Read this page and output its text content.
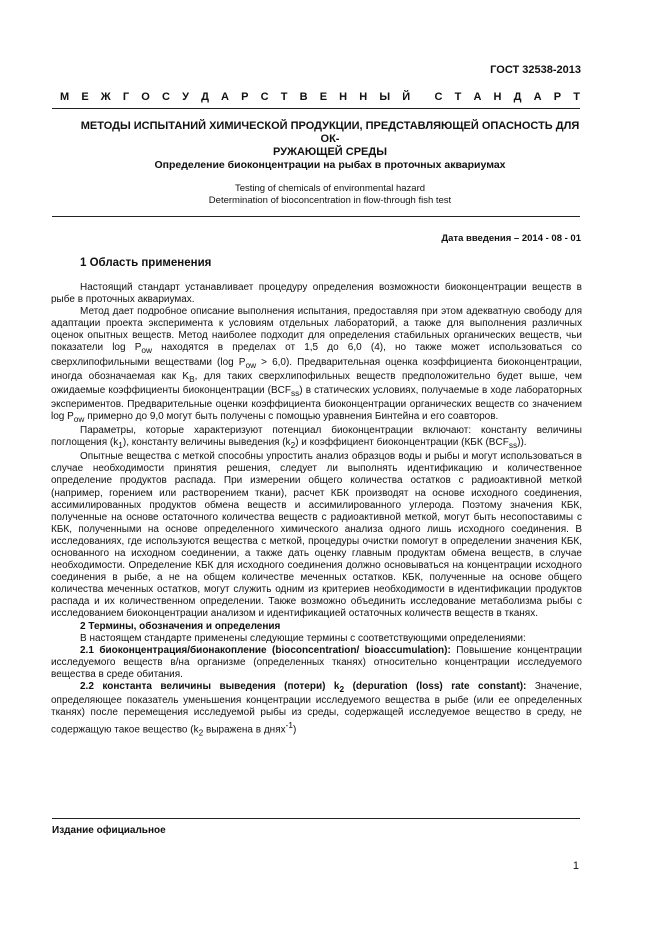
ГОСТ 32538-2013
М Е Ж Г О С У Д А Р С Т В Е Н Н Ы Й С Т А Н Д А Р Т
МЕТОДЫ ИСПЫТАНИЙ ХИМИЧЕСКОЙ ПРОДУКЦИИ, ПРЕДСТАВЛЯЮЩЕЙ ОПАСНОСТЬ ДЛЯ ОК-
РУЖАЮЩЕЙ СРЕДЫ
Определение биоконцентрации на рыбах в проточных аквариумах
Testing of chemicals of environmental hazard
Determination of bioconcentration in flow-through fish test
Дата введения – 2014 - 08 - 01
1 Область применения

Настоящий стандарт устанавливает процедуру определения возможности биоконцентрации веществ в рыбе в проточных аквариумах.

Метод дает подробное описание выполнения испытания, предоставляя при этом адекватную свободу для адаптации проекта эксперимента к условиям отдельных лабораторий, а также для выполнения различных оценок опытных веществ. Метод наиболее подходит для определения стабильных органических веществ, чьи показатели $\log P_{ow}$ находятся в пределах от 1,5 до 6,0 (4), но также может использоваться со сверхлипофильными веществами (log $P_{ow} > 6,0$). Предварительная оценка коэффициента биоконцентрации, иногда обозначаемая как $K_B$, для таких сверхлипофильных веществ предположительно будет выше, чем ожидаемые коэффициенты биоконцентрации $(BCF_{ss})$ в статических условиях, получаемые в ходе лабораторных экспериментов. Предварительные оценки коэффициента биоконцентрации органических веществ со значением $\log P_{ow}$ примерно до 9,0 могут быть получены с помощью уравнения Бинтейна и его соавторов.

Параметры, которые характеризуют потенциал биоконцентрации включают: константу величины поглощения $(k_1)$, константу величины выведения $(k_2)$ и коэффициент биоконцентрации (КБК $(BCF_{ss})$).

Опытные вещества с меткой способны упростить анализ образцов воды и рыбы и могут использоваться в случае необходимости принятия решения, следует ли выполнять идентификацию и количественное определение продуктов распада. При измерении общего количества остатков с радиоактивной меткой (например, горением или растворением ткани), расчет КБК производят на основе исходного соединения, ассимилированных продуктов обмена веществ и ассимилированного углерода. Поэтому значения КБК, полученные на основе остаточного количества веществ с радиоактивной меткой, могут быть несопоставимы с КБК, полученными на основе определенного химического анализа одного лишь исходного соединения. В исследованиях, где используются вещества с меткой, процедуры очистки помогут в определении значения КБК, основанного на исходном соединении, а также дать оценку главным продуктам обмена веществ, в случае необходимости. Определение КБК для исходного соединения должно основываться на концентрации исходного соединения в рыбе, а не на общем количестве меченных остатков. КБК, полученные на основе общего количества меченных остатков, могут служить одним из критериев необходимости в идентификации продуктов распада и их количественном определении. Также возможно объединить исследование метаболизма рыбы с исследованием биоконцентрации анализом и идентификацией остаточных количеств веществ в тканях.

2 Термины, обозначения и определения

В настоящем стандарте применены следующие термины с соответствующими определениями:

2.1 биоконцентрация/бионакопление (bioconcentration/ bioaccumulation): Повышение концентрации исследуемого веществ в/на организме (определенных тканях) относительно концентрации исследуемого вещества в среде обитания.

2.2 константа величины выведения (потери) $k_2$ (depuration (loss) rate constant): Значение, определяющее показатель уменьшения концентрации исследуемого вещества в рыбе (или ее определенных тканях) после перемещения исследуемой рыбы из среды, содержащей исследуемое вещество в среду, не содержащую такое вещество ($k_2$ выражена в днях$^{-1}$)

Издание официальное
1
